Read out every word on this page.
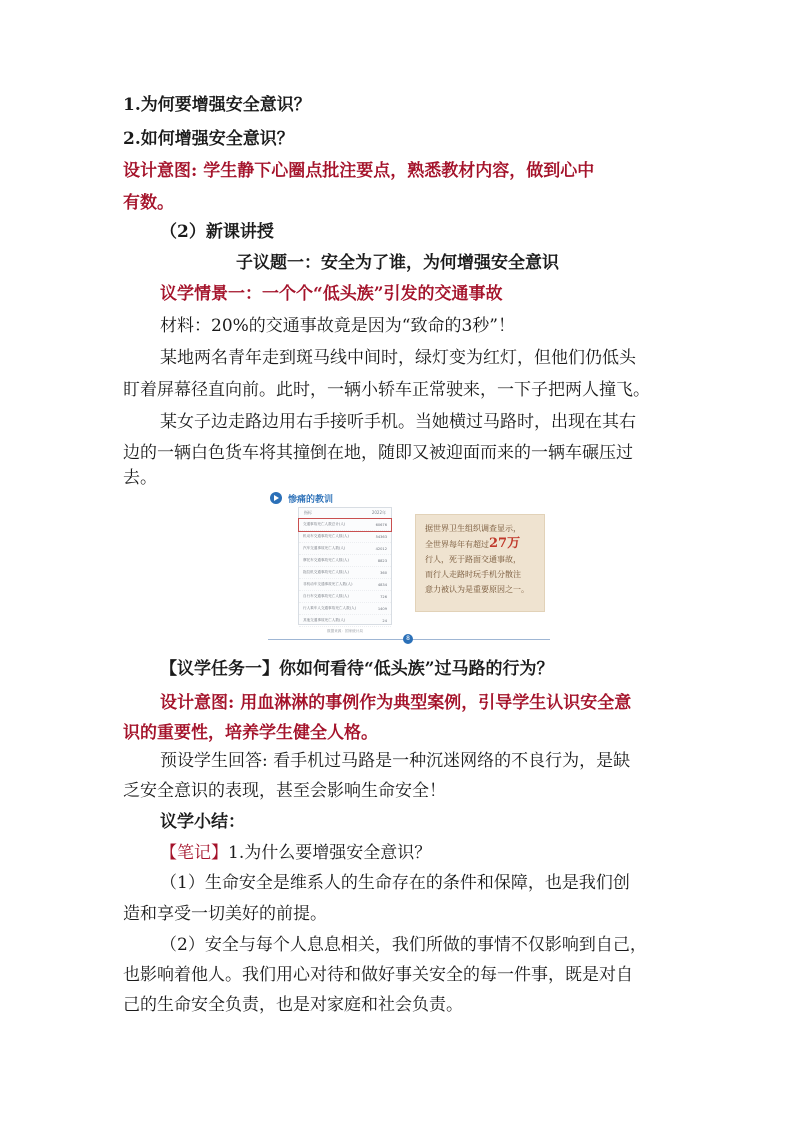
1.为何要增强安全意识？
2.如何增强安全意识？
设计意图: 学生静下心圈点批注要点，熟悉教材内容，做到心中
有数。
（2）新课讲授
子议题一：安全为了谁，为何增强安全意识
议学情景一：一个个“低头族”引发的交通事故
材料：20%的交通事故竟是因为“致命的3秒”！
某地两名青年走到斑马线中间时，绿灯变为红灯，但他们仍低头
盯着屏幕径直向前。此时，一辆小轿车正常驶来，一下子把两人撞飞。
某女子边走路边用右手接听手机。当她横过马路时，出现在其右
边的一辆白色货车将其撞倒在地，随即又被迎面而来的一辆车碾压过
去。
惨痛的教训
指标	2022年
交通事故死亡人数总计(人)	60676
机动车交通事故死亡人数(人)	54363
汽车交通事故死亡人数(人)	42012
摩托车交通事故死亡人数(人)	8823
拖拉机交通事故死亡人数(人)	360
非机动车交通事故死亡人数(人)	4834
自行车交通事故死亡人数(人)	726
行人乘车人交通事故死亡人数(人)	1409
其他交通事故死亡人数(人)	24
数据来源：国家统计局
据世界卫生组织调查显示，
全世界每年有超过27万
行人，死于路面交通事故，
而行人走路时玩手机分散注
意力被认为是重要原因之一。
8
【议学任务一】你如何看待“低头族”过马路的行为？
设计意图: 用血淋淋的事例作为典型案例，引导学生认识安全意
识的重要性，培养学生健全人格。
预设学生回答: 看手机过马路是一种沉迷网络的不良行为，是缺
乏安全意识的表现，甚至会影响生命安全！
议学小结：
【笔记】1.为什么要增强安全意识？
（1）生命安全是维系人的生命存在的条件和保障，也是我们创
造和享受一切美好的前提。
（2）安全与每个人息息相关，我们所做的事情不仅影响到自己，
也影响着他人。我们用心对待和做好事关安全的每一件事，既是对自
己的生命安全负责，也是对家庭和社会负责。
